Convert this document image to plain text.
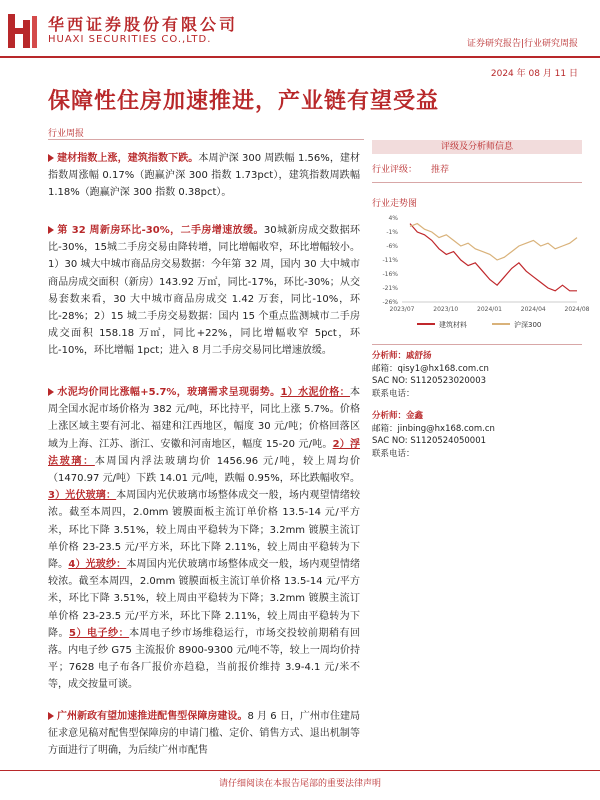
华西证券股份有限公司
HUAXI SECURITIES CO.,LTD.	证券研究报告|行业研究周报
2024 年 08 月 11 日
保障性住房加速推进，产业链有望受益
行业周报
建材指数上涨，建筑指数下跌。本周沪深 300 周跌幅 1.56%，建材指数周涨幅 0.17%（跑赢沪深 300 指数 1.73pct），建筑指数周跌幅 1.18%（跑赢沪深 300 指数 0.38pct）。
第 32 周新房环比-30%，二手房增速放缓。30城新房成交数据环比-30%，15城二手房交易由降转增，同比增幅收窄，环比增幅较小。1）30 城大中城市商品房交易数据：今年第 32 周，国内 30 大中城市商品房成交面积（新房）143.92 万㎡，同比-17%，环比-30%；从交易套数来看，30 大中城市商品房成交 1.42 万套，同比-10%，环比-28%；2）15 城二手房交易数据：国内 15 个重点监测城市二手房成交面积 158.18 万㎡，同比+22%，同比增幅收窄 5pct，环比-10%，环比增幅 1pct；进入 8 月二手房交易同比增速放缓。
水泥均价同比涨幅+5.7%，玻璃需求呈现弱势。1）水泥价格：本周全国水泥市场价格为 382 元/吨，环比持平，同比上涨 5.7%。价格上涨区域主要有河北、福建和江西地区，幅度 30 元/吨；价格回落区域为上海、江苏、浙江、安徽和河南地区，幅度 15-20 元/吨。2）浮法玻璃：本周国内浮法玻璃均价 1456.96 元/吨，较上周均价（1470.97 元/吨）下跌 14.01 元/吨，跌幅 0.95%，环比跌幅收窄。3）光伏玻璃：本周国内光伏玻璃市场整体成交一般，场内观望情绪较浓。截至本周四，2.0mm 镀膜面板主流订单价格 13.5-14 元/平方米，环比下降 3.51%，较上周由平稳转为下降；3.2mm 镀膜主流订单价格 23-23.5 元/平方米，环比下降 2.11%，较上周由平稳转为下降。4）光玻纱：本周国内光伏玻璃市场整体成交一般，场内观望情绪较浓。截至本周四，2.0mm 镀膜面板主流订单价格 13.5-14 元/平方米，环比下降 3.51%，较上周由平稳转为下降；3.2mm 镀膜主流订单价格 23-23.5 元/平方米，环比下降 2.11%，较上周由平稳转为下降。5）电子纱：本周电子纱市场维稳运行，市场交投较前期稍有回落。内电子纱 G75 主流报价 8900-9300 元/吨不等，较上一周均价持平；7628 电子布各厂报价亦趋稳，当前报价维持 3.9-4.1 元/米不等，成交按量可谈。
广州新政有望加速推进配售型保障房建设。8 月 6 日，广州市住建局征求意见稿对配售型保障房的申请门槛、定价、销售方式、退出机制等方面进行了明确，为后续广州市配售
评级及分析师信息
行业评级： 推荐
行业走势图
4%
-1%
-6%
-11%
-16%
-21%
-26%
2023/07	2023/10	2024/01	2024/04	2024/08
建筑材料	沪深300
分析师：戚舒扬
邮箱：qisy1@hx168.com.cn
SAC NO: S1120523020003
联系电话：
分析师：金鑫
邮箱：jinbing@hx168.com.cn
SAC NO: S1120524050001
联系电话：
请仔细阅读在本报告尾部的重要法律声明
